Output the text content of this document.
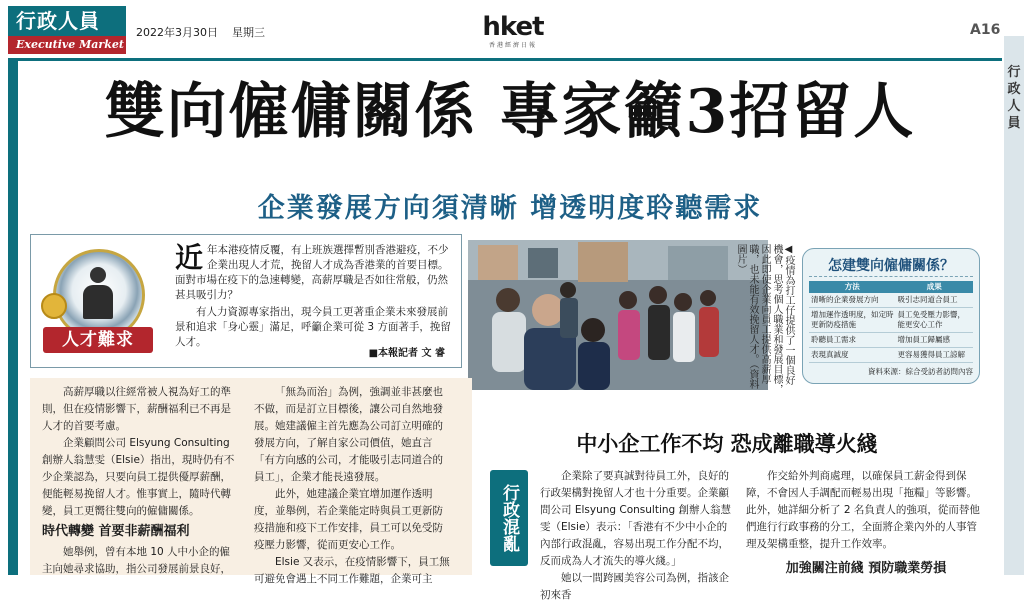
行政人員
Executive Market
2022年3月30日 星期三	hket
香港經濟日報
A16
行政人員
雙向僱傭關係 專家籲3招留人
企業發展方向須清晰 增透明度聆聽需求
人才難求

近年本港疫情反覆，有上班族選擇暫別香港避疫，不少企業出現人才荒，挽留人才成為香港業的首要目標。面對市場在疫下的急速轉變，高薪厚職是否如往常般，仍然甚具吸引力？

有人力資源專家指出，現今員工更著重企業未來發展前景和追求「身心靈」滿足，呼籲企業可從 3 方面著手，挽留人才。

■本報記者 文 睿	◀疫情為打工仔提供了一個良好機會，思考個人職業和發展目標，因此即使企業向員工提供高薪厚職，也未能有效挽留人才。（資料圖片）	怎建雙向僱傭關係？
方法	成果
清晰的企業發展方向	吸引志同道合員工
增加運作透明度，如定時更新防疫措施	員工免受壓力影響，能更安心工作
聆聽員工需求	增加員工歸屬感
表現真誠度	更容易獲得員工諒解
資料來源：綜合受訪者訪問內容

高薪厚職以往經常被人視為好工的準則，但在疫情影響下，薪酬福利已不再是人才的首要考慮。

企業顧問公司 Elsyung Consulting 創辦人翁慧雯（Elsie）指出，現時仍有不少企業認為，只要向員工提供優厚薪酬，便能輕易挽留人才。惟事實上，隨時代轉變，員工更嚮往雙向的僱傭關係。

時代轉變 首要非薪酬福利

她舉例，曾有本地 10 人中小企的僱主向她尋求協助，指公司發展前景良好，

「無為而治」為例，強調並非甚麼也不做，而是訂立目標後，讓公司自然地發展。她建議僱主首先應為公司訂立明確的發展方向，了解自家公司價值，她直言「有方向感的公司，才能吸引志同道合的員工」，企業才能長遠發展。

此外，她建議企業宜增加運作透明度，並舉例，若企業能定時與員工更新防疫措施和疫下工作安排，員工可以免受防疫壓力影響，從而更安心工作。

Elsie 又表示，在疫情影響下，員工無可避免會遇上不同工作難題，企業可主

中小企工作不均 恐成離職導火綫
行政混亂

企業除了要真誠對待員工外，良好的行政架構對挽留人才也十分重要。企業顧問公司 Elsyung Consulting 創辦人翁慧雯（Elsie）表示：「香港有不少中小企的內部行政混亂，容易出現工作分配不均，反而成為人才流失的導火綫。」

她以一間跨國美容公司為例，指該企初來香

作交給外判商處理，以確保員工薪金得到保障，不會因人手調配而輕易出現「拖糧」等影響。此外，她詳細分析了 2 名負責人的強項，從而替他們進行行政事務的分工，全面將企業內外的人事管理及架構重整，提升工作效率。

加強關注前綫 預防職業勞損
